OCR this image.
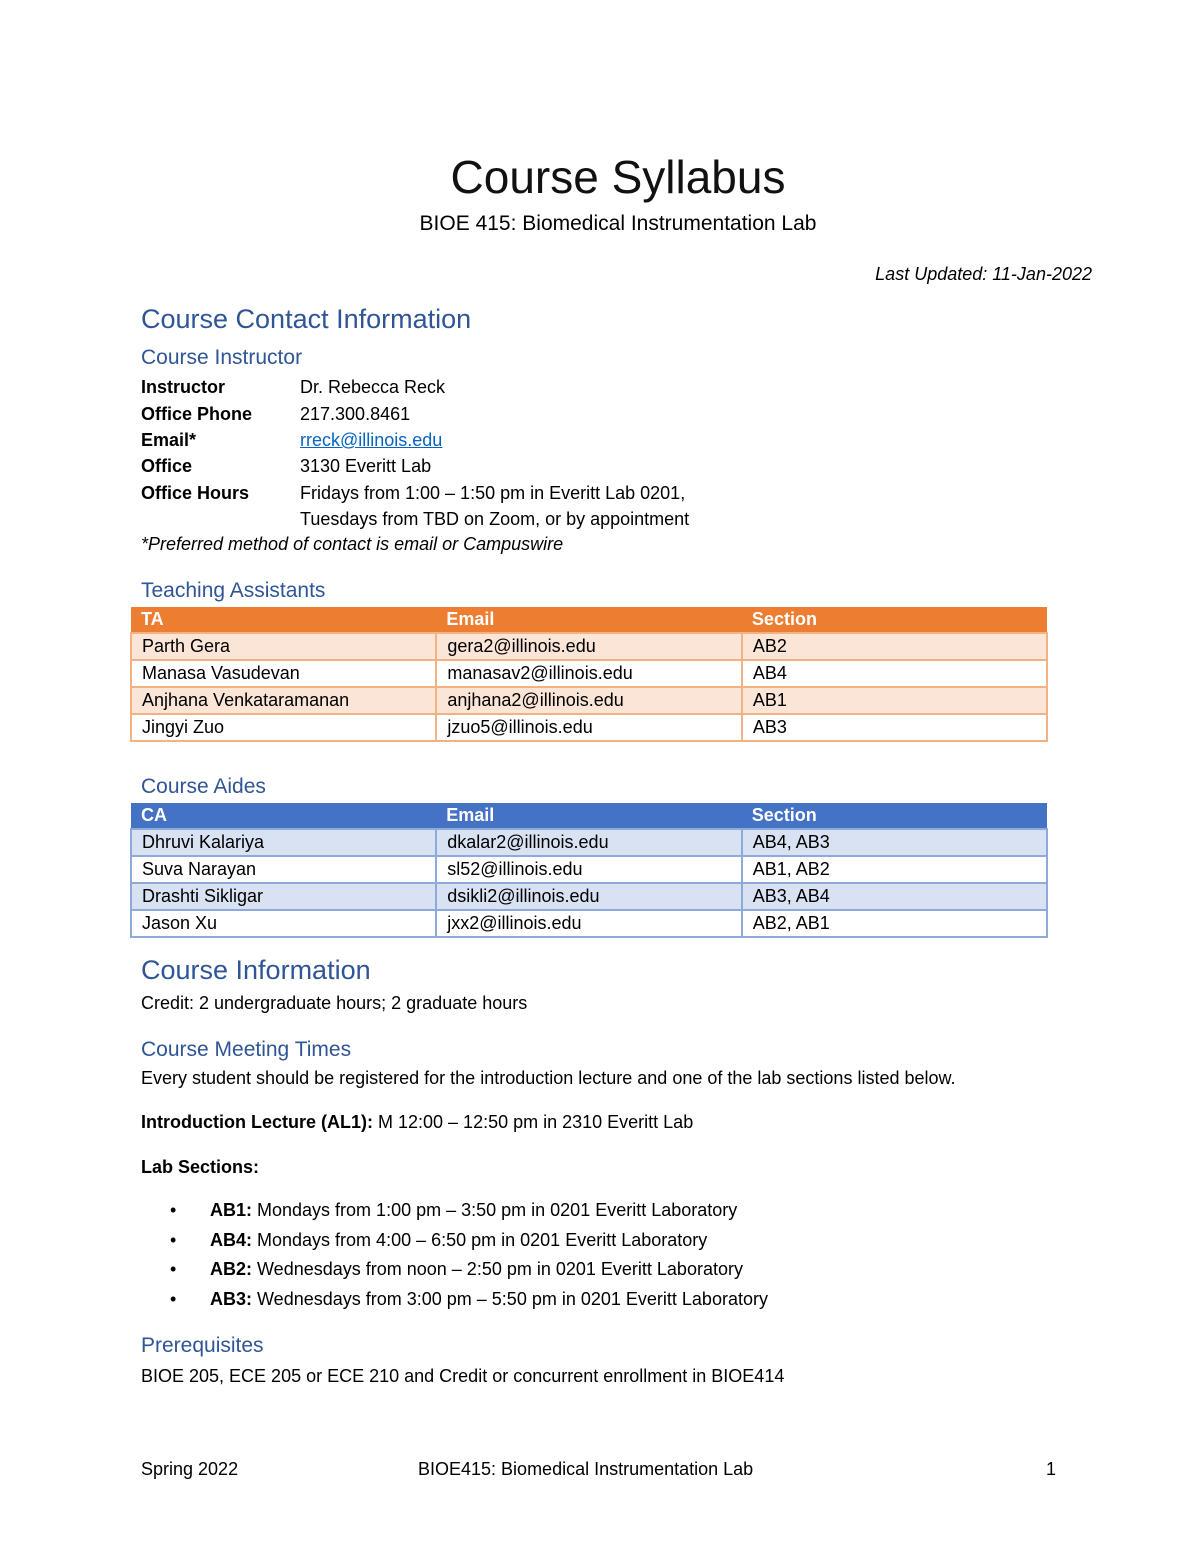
Course Syllabus
BIOE 415: Biomedical Instrumentation Lab
Last Updated: 11-Jan-2022
Course Contact Information
Course Instructor
Instructor	Dr. Rebecca Reck
Office Phone	217.300.8461
Email*	rreck@illinois.edu
Office	3130 Everitt Lab
Office Hours	Fridays from 1:00 – 1:50 pm in Everitt Lab 0201,
Tuesdays from TBD on Zoom, or by appointment
*Preferred method of contact is email or Campuswire
Teaching Assistants
TA	Email	Section
Parth Gera	gera2@illinois.edu	AB2
Manasa Vasudevan	manasav2@illinois.edu	AB4
Anjhana Venkataramanan	anjhana2@illinois.edu	AB1
Jingyi Zuo	jzuo5@illinois.edu	AB3
Course Aides
CA	Email	Section
Dhruvi Kalariya	dkalar2@illinois.edu	AB4, AB3
Suva Narayan	sl52@illinois.edu	AB1, AB2
Drashti Sikligar	dsikli2@illinois.edu	AB3, AB4
Jason Xu	jxx2@illinois.edu	AB2, AB1
Course Information
Credit: 2 undergraduate hours; 2 graduate hours
Course Meeting Times
Every student should be registered for the introduction lecture and one of the lab sections listed below.
Introduction Lecture (AL1): M 12:00 – 12:50 pm in 2310 Everitt Lab
Lab Sections:
• AB1: Mondays from 1:00 pm – 3:50 pm in 0201 Everitt Laboratory
• AB4: Mondays from 4:00 – 6:50 pm in 0201 Everitt Laboratory
• AB2: Wednesdays from noon – 2:50 pm in 0201 Everitt Laboratory
• AB3: Wednesdays from 3:00 pm – 5:50 pm in 0201 Everitt Laboratory
Prerequisites
BIOE 205, ECE 205 or ECE 210 and Credit or concurrent enrollment in BIOE414
Spring 2022	BIOE415: Biomedical Instrumentation Lab	1
